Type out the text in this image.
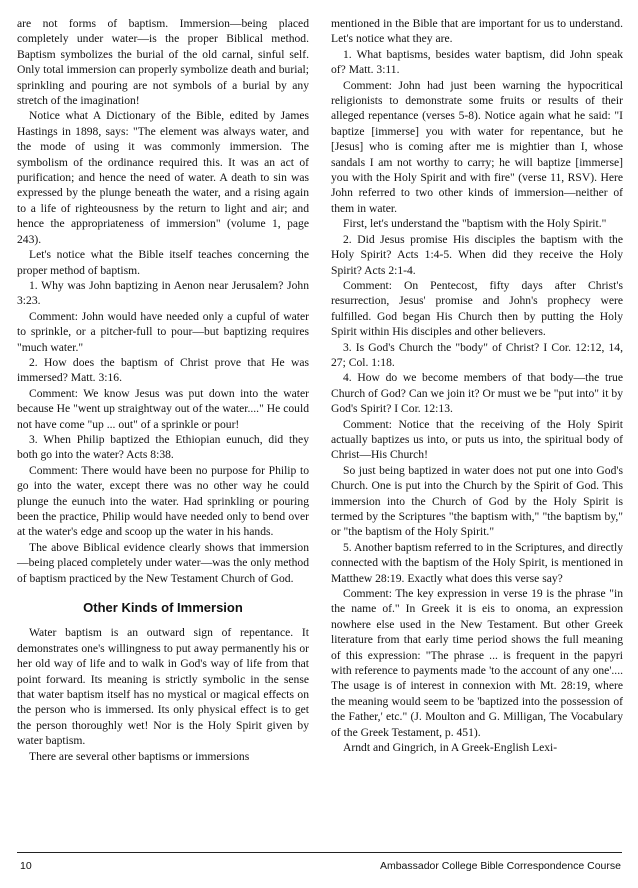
are not forms of baptism. Immersion—being placed completely under water—is the proper Biblical method. Baptism symbolizes the burial of the old carnal, sinful self. Only total immersion can properly symbolize death and burial; sprinkling and pouring are not symbols of a burial by any stretch of the imagination!

Notice what A Dictionary of the Bible, edited by James Hastings in 1898, says: "The element was always water, and the mode of using it was commonly immersion. The symbolism of the ordinance required this. It was an act of purification; and hence the need of water. A death to sin was expressed by the plunge beneath the water, and a rising again to a life of righteousness by the return to light and air; and hence the appropriateness of immersion" (volume 1, page 243).

Let's notice what the Bible itself teaches concerning the proper method of baptism.

1. Why was John baptizing in Aenon near Jerusalem? John 3:23.

Comment: John would have needed only a cupful of water to sprinkle, or a pitcher-full to pour—but baptizing requires "much water."

2. How does the baptism of Christ prove that He was immersed? Matt. 3:16.

Comment: We know Jesus was put down into the water because He "went up straightway out of the water...." He could not have come "up ... out" of a sprinkle or pour!

3. When Philip baptized the Ethiopian eunuch, did they both go into the water? Acts 8:38.

Comment: There would have been no purpose for Philip to go into the water, except there was no other way he could plunge the eunuch into the water. Had sprinkling or pouring been the practice, Philip would have needed only to bend over at the water's edge and scoop up the water in his hands.

The above Biblical evidence clearly shows that immersion—being placed completely under water—was the only method of baptism practiced by the New Testament Church of God.

Other Kinds of Immersion

Water baptism is an outward sign of repentance. It demonstrates one's willingness to put away permanently his or her old way of life and to walk in God's way of life from that point forward. Its meaning is strictly symbolic in the sense that water baptism itself has no mystical or magical effects on the person who is immersed. Its only physical effect is to get the person thoroughly wet! Nor is the Holy Spirit given by water baptism.

There are several other baptisms or immersions

mentioned in the Bible that are important for us to understand. Let's notice what they are.

1. What baptisms, besides water baptism, did John speak of? Matt. 3:11.

Comment: John had just been warning the hypocritical religionists to demonstrate some fruits or results of their alleged repentance (verses 5-8). Notice again what he said: "I baptize [immerse] you with water for repentance, but he [Jesus] who is coming after me is mightier than I, whose sandals I am not worthy to carry; he will baptize [immerse] you with the Holy Spirit and with fire" (verse 11, RSV). Here John referred to two other kinds of immersion—neither of them in water.

First, let's understand the "baptism with the Holy Spirit."

2. Did Jesus promise His disciples the baptism with the Holy Spirit? Acts 1:4-5. When did they receive the Holy Spirit? Acts 2:1-4.

Comment: On Pentecost, fifty days after Christ's resurrection, Jesus' promise and John's prophecy were fulfilled. God began His Church then by putting the Holy Spirit within His disciples and other believers.

3. Is God's Church the "body" of Christ? I Cor. 12:12, 14, 27; Col. 1:18.

4. How do we become members of that body—the true Church of God? Can we join it? Or must we be "put into" it by God's Spirit? I Cor. 12:13.

Comment: Notice that the receiving of the Holy Spirit actually baptizes us into, or puts us into, the spiritual body of Christ—His Church!

So just being baptized in water does not put one into God's Church. One is put into the Church by the Spirit of God. This immersion into the Church of God by the Holy Spirit is termed by the Scriptures "the baptism with," "the baptism by," or "the baptism of the Holy Spirit."

5. Another baptism referred to in the Scriptures, and directly connected with the baptism of the Holy Spirit, is mentioned in Matthew 28:19. Exactly what does this verse say?

Comment: The key expression in verse 19 is the phrase "in the name of." In Greek it is eis to onoma, an expression nowhere else used in the New Testament. But other Greek literature from that early time period shows the full meaning of this expression: "The phrase ... is frequent in the papyri with reference to payments made 'to the account of any one'.... The usage is of interest in connexion with Mt. 28:19, where the meaning would seem to be 'baptized into the possession of the Father,' etc." (J. Moulton and G. Milligan, The Vocabulary of the Greek Testament, p. 451).

Arndt and Gingrich, in A Greek-English Lexi-

10	Ambassador College Bible Correspondence Course
